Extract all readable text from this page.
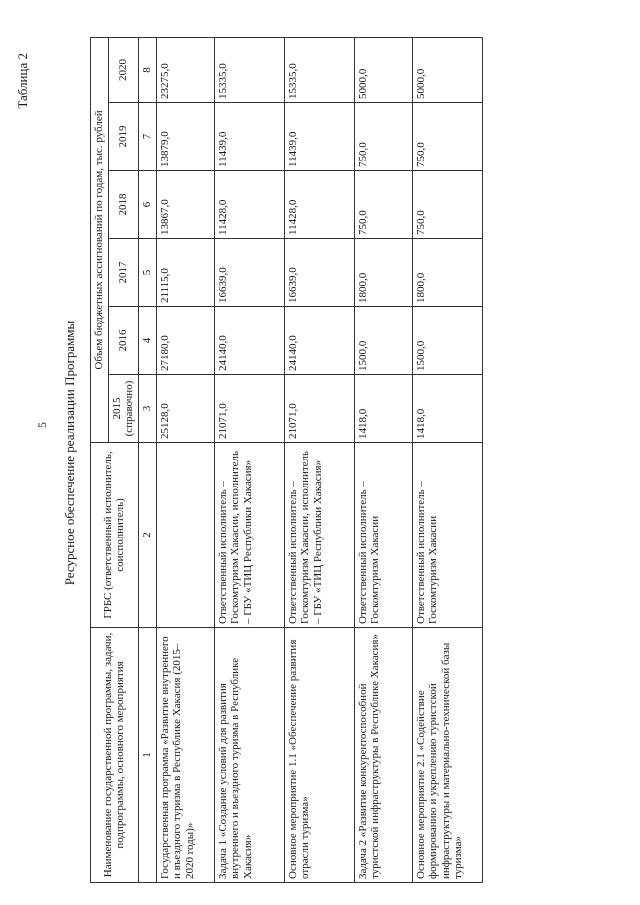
5
Таблица 2
Ресурсное обеспечение реализации Программы
Наименование государственной программы, задачи, подпрограммы, основного мероприятия	ГРБС (ответственный исполнитель, соисполнитель)	Объем бюджетных ассигнований по годам, тыс. рублей					
		2015 (справочно)	2016	2017	2018	2019	2020
1	2	3	4	5	6	7	8
Государственная программа «Развитие внутреннего и въездного туризма в Республике Хакасия (2015–2020 годы)»		25128,0	27180,0	21115,0	13867,0	13879,0	23275,0
Задача 1 «Создание условий для развития внутреннего и въездного туризма в Республике Хакасия»	Ответственный исполнитель – Госкомтуризм Хакасии, исполнитель – ГБУ «ТИЦ Республики Хакасия»	21071,0	24140,0	16639,0	11428,0	11439,0	15335,0
Основное мероприятие 1.1 «Обеспечение развития отрасли туризма»	Ответственный исполнитель – Госкомтуризм Хакасии, исполнитель – ГБУ «ТИЦ Республики Хакасия»	21071,0	24140,0	16639,0	11428,0	11439,0	15335,0
Задача 2 «Развитие конкурентоспособной туристской инфраструктуры в Республике Хакасия»	Ответственный исполнитель – Госкомтуризм Хакасии	1418,0	1500,0	1800,0	750,0	750,0	5000,0
Основное мероприятие 2.1 «Содействие формированию и укреплению туристской инфраструктуры и материально-технической базы туризма»	Ответственный исполнитель – Госкомтуризм Хакасии	1418,0	1500,0	1800,0	750,0	750,0	5000,0
